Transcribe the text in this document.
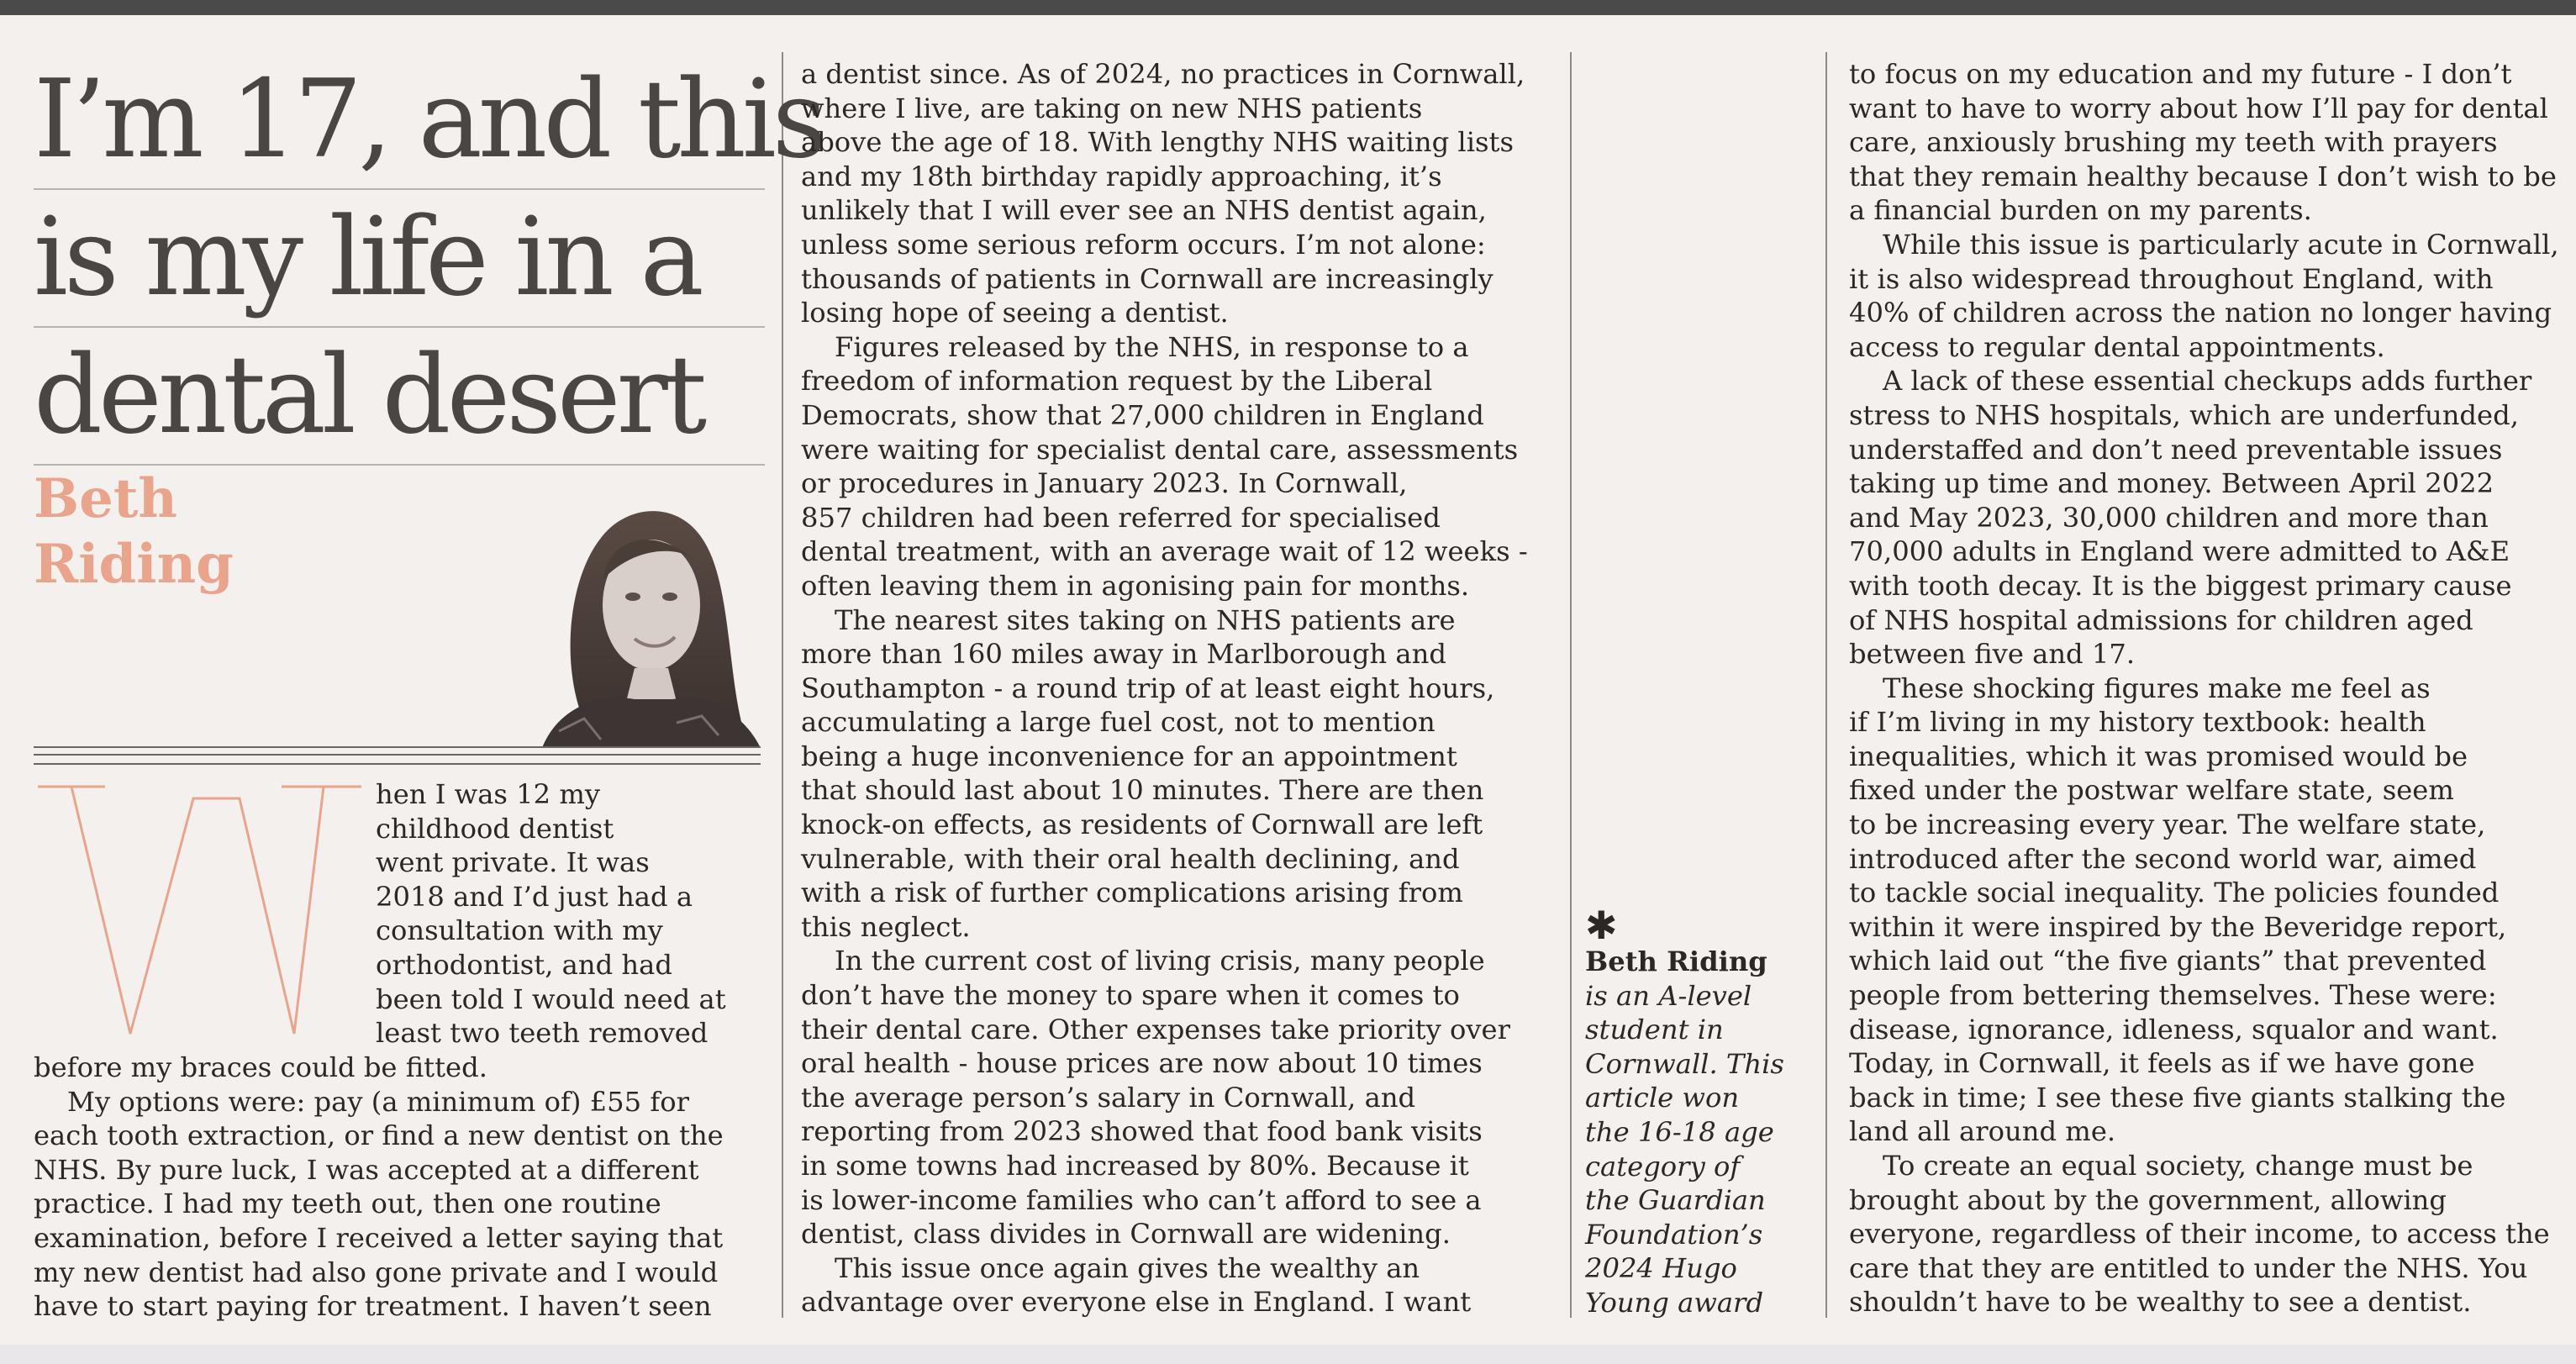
I’m 17, and this
is my life in a
dental desert
Beth
Riding
hen I was 12 my
childhood dentist
went private. It was
2018 and I’d just had a
consultation with my
orthodontist, and had
been told I would need at
least two teeth removed
before my braces could be fitted.
My options were: pay (a minimum of) £55 for
each tooth extraction, or find a new dentist on the
NHS. By pure luck, I was accepted at a different
practice. I had my teeth out, then one routine
examination, before I received a letter saying that
my new dentist had also gone private and I would
have to start paying for treatment. I haven’t seen
a dentist since. As of 2024, no practices in Cornwall,
where I live, are taking on new NHS patients
above the age of 18. With lengthy NHS waiting lists
and my 18th birthday rapidly approaching, it’s
unlikely that I will ever see an NHS dentist again,
unless some serious reform occurs. I’m not alone:
thousands of patients in Cornwall are increasingly
losing hope of seeing a dentist.
Figures released by the NHS, in response to a
freedom of information request by the Liberal
Democrats, show that 27,000 children in England
were waiting for specialist dental care, assessments
or procedures in January 2023. In Cornwall,
857 children had been referred for specialised
dental treatment, with an average wait of 12 weeks -
often leaving them in agonising pain for months.
The nearest sites taking on NHS patients are
more than 160 miles away in Marlborough and
Southampton - a round trip of at least eight hours,
accumulating a large fuel cost, not to mention
being a huge inconvenience for an appointment
that should last about 10 minutes. There are then
knock-on effects, as residents of Cornwall are left
vulnerable, with their oral health declining, and
with a risk of further complications arising from
this neglect.
In the current cost of living crisis, many people
don’t have the money to spare when it comes to
their dental care. Other expenses take priority over
oral health - house prices are now about 10 times
the average person’s salary in Cornwall, and
reporting from 2023 showed that food bank visits
in some towns had increased by 80%. Because it
is lower-income families who can’t afford to see a
dentist, class divides in Cornwall are widening.
This issue once again gives the wealthy an
advantage over everyone else in England. I want
✱
Beth Riding
is an A-level
student in
Cornwall. This
article won
the 16-18 age
category of
the Guardian
Foundation’s
2024 Hugo
Young award
to focus on my education and my future - I don’t
want to have to worry about how I’ll pay for dental
care, anxiously brushing my teeth with prayers
that they remain healthy because I don’t wish to be
a financial burden on my parents.
While this issue is particularly acute in Cornwall,
it is also widespread throughout England, with
40% of children across the nation no longer having
access to regular dental appointments.
A lack of these essential checkups adds further
stress to NHS hospitals, which are underfunded,
understaffed and don’t need preventable issues
taking up time and money. Between April 2022
and May 2023, 30,000 children and more than
70,000 adults in England were admitted to A&E
with tooth decay. It is the biggest primary cause
of NHS hospital admissions for children aged
between five and 17.
These shocking figures make me feel as
if I’m living in my history textbook: health
inequalities, which it was promised would be
fixed under the postwar welfare state, seem
to be increasing every year. The welfare state,
introduced after the second world war, aimed
to tackle social inequality. The policies founded
within it were inspired by the Beveridge report,
which laid out “the five giants” that prevented
people from bettering themselves. These were:
disease, ignorance, idleness, squalor and want.
Today, in Cornwall, it feels as if we have gone
back in time; I see these five giants stalking the
land all around me.
To create an equal society, change must be
brought about by the government, allowing
everyone, regardless of their income, to access the
care that they are entitled to under the NHS. You
shouldn’t have to be wealthy to see a dentist.
